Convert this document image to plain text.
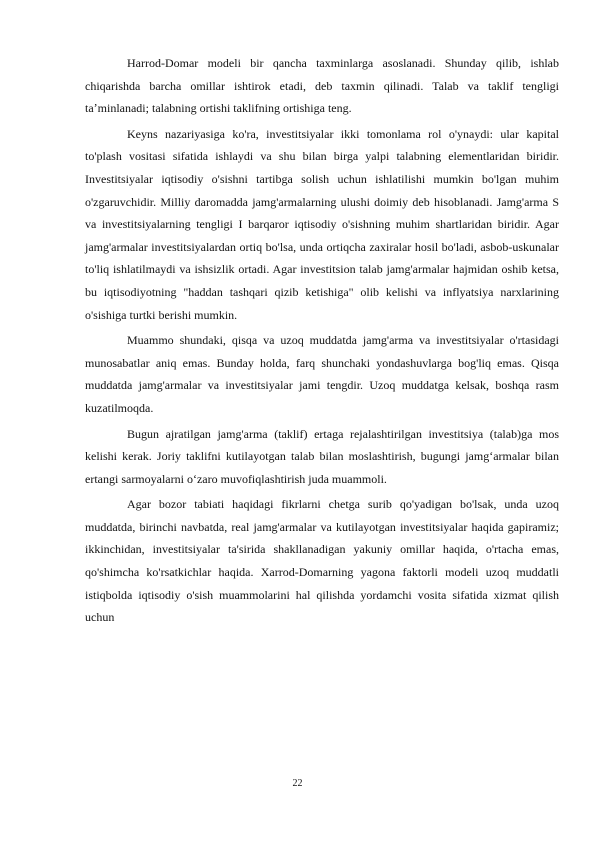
Harrod-Domar modeli bir qancha taxminlarga asoslanadi. Shunday qilib, ishlab chiqarishda barcha omillar ishtirok etadi, deb taxmin qilinadi. Talab va taklif tengligi taʼminlanadi; talabning ortishi taklifning ortishiga teng.

Keyns nazariyasiga ko'ra, investitsiyalar ikki tomonlama rol o'ynaydi: ular kapital to'plash vositasi sifatida ishlaydi va shu bilan birga yalpi talabning elementlaridan biridir. Investitsiyalar iqtisodiy o'sishni tartibga solish uchun ishlatilishi mumkin bo'lgan muhim o'zgaruvchidir. Milliy daromadda jamg'armalarning ulushi doimiy deb hisoblanadi. Jamg'arma S va investitsiyalarning tengligi I barqaror iqtisodiy o'sishning muhim shartlaridan biridir. Agar jamg'armalar investitsiyalardan ortiq bo'lsa, unda ortiqcha zaxiralar hosil bo'ladi, asbob-uskunalar to'liq ishlatilmaydi va ishsizlik ortadi. Agar investitsion talab jamg'armalar hajmidan oshib ketsa, bu iqtisodiyotning "haddan tashqari qizib ketishiga" olib kelishi va inflyatsiya narxlarining o'sishiga turtki berishi mumkin.

Muammo shundaki, qisqa va uzoq muddatda jamg'arma va investitsiyalar o'rtasidagi munosabatlar aniq emas. Bunday holda, farq shunchaki yondashuvlarga bog'liq emas. Qisqa muddatda jamg'armalar va investitsiyalar jami tengdir. Uzoq muddatga kelsak, boshqa rasm kuzatilmoqda.

Bugun ajratilgan jamg'arma (taklif) ertaga rejalashtirilgan investitsiya (talab)ga mos kelishi kerak. Joriy taklifni kutilayotgan talab bilan moslashtirish, bugungi jamg‘armalar bilan ertangi sarmoyalarni o‘zaro muvofiqlashtirish juda muammoli.

Agar bozor tabiati haqidagi fikrlarni chetga surib qo'yadigan bo'lsak, unda uzoq muddatda, birinchi navbatda, real jamg'armalar va kutilayotgan investitsiyalar haqida gapiramiz; ikkinchidan, investitsiyalar ta'sirida shakllanadigan yakuniy omillar haqida, o'rtacha emas, qo'shimcha ko'rsatkichlar haqida. Xarrod-Domarning yagona faktorli modeli uzoq muddatli istiqbolda iqtisodiy o'sish muammolarini hal qilishda yordamchi vosita sifatida xizmat qilish uchun

22
